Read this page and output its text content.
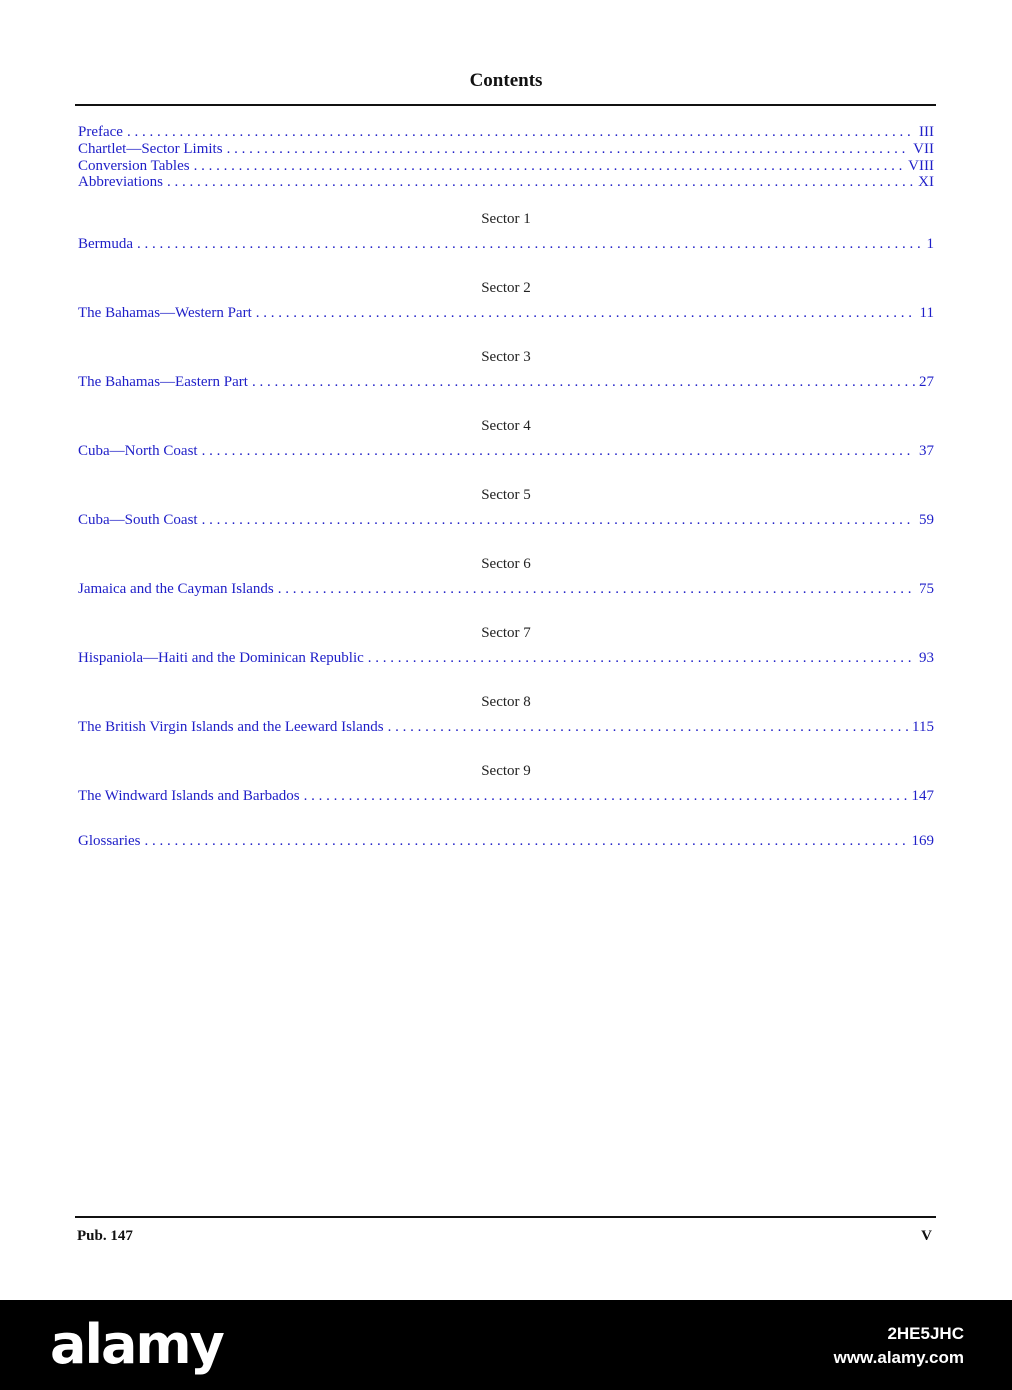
Contents
Preface . . .	III
Chartlet—Sector Limits . . .	VII
Conversion Tables . . .	VIII
Abbreviations . . .	XI
Sector 1
Bermuda . . .	1
Sector 2
The Bahamas—Western Part . . .	11
Sector 3
The Bahamas—Eastern Part . . .	27
Sector 4
Cuba—North Coast . . .	37
Sector 5
Cuba—South Coast . . .	59
Sector 6
Jamaica and the Cayman Islands . . .	75
Sector 7
Hispaniola—Haiti and the Dominican Republic . . .	93
Sector 8
The British Virgin Islands and the Leeward Islands . . .	115
Sector 9
The Windward Islands and Barbados . . .	147
Glossaries . . .	169
Pub. 147	V
alamy	2HE5JHC
www.alamy.com
